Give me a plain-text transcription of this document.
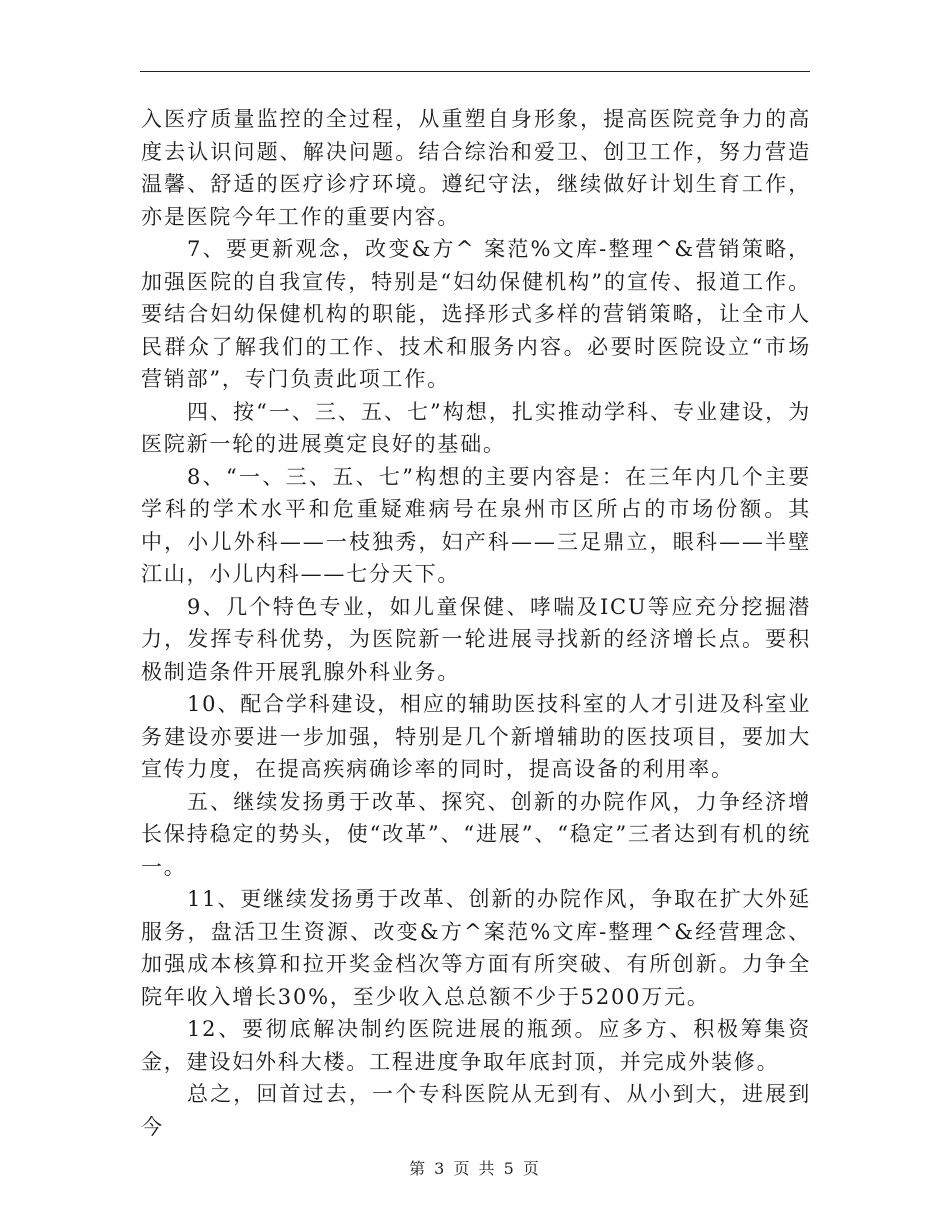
入医疗质量监控的全过程，从重塑自身形象，提高医院竞争力的高度去认识问题、解决问题。结合综治和爱卫、创卫工作，努力营造温馨、舒适的医疗诊疗环境。遵纪守法，继续做好计划生育工作，亦是医院今年工作的重要内容。

7、要更新观念，改变&方^ 案范%文库-整理^&营销策略，加强医院的自我宣传，特别是“妇幼保健机构”的宣传、报道工作。要结合妇幼保健机构的职能，选择形式多样的营销策略，让全市人民群众了解我们的工作、技术和服务内容。必要时医院设立“市场营销部”，专门负责此项工作。

四、按“一、三、五、七”构想，扎实推动学科、专业建设，为医院新一轮的进展奠定良好的基础。

8、“一、三、五、七”构想的主要内容是：在三年内几个主要学科的学术水平和危重疑难病号在泉州市区所占的市场份额。其中，小儿外科——一枝独秀，妇产科——三足鼎立，眼科——半壁江山，小儿内科——七分天下。

9、几个特色专业，如儿童保健、哮喘及ICU等应充分挖掘潜力，发挥专科优势，为医院新一轮进展寻找新的经济增长点。要积极制造条件开展乳腺外科业务。

10、配合学科建设，相应的辅助医技科室的人才引进及科室业务建设亦要进一步加强，特别是几个新增辅助的医技项目，要加大宣传力度，在提高疾病确诊率的同时，提高设备的利用率。

五、继续发扬勇于改革、探究、创新的办院作风，力争经济增长保持稳定的势头，使“改革”、“进展”、“稳定”三者达到有机的统一。

11、更继续发扬勇于改革、创新的办院作风，争取在扩大外延服务，盘活卫生资源、改变&方^案范%文库-整理^&经营理念、加强成本核算和拉开奖金档次等方面有所突破、有所创新。力争全院年收入增长30%，至少收入总总额不少于5200万元。

12、要彻底解决制约医院进展的瓶颈。应多方、积极筹集资金，建设妇外科大楼。工程进度争取年底封顶，并完成外装修。

总之，回首过去，一个专科医院从无到有、从小到大，进展到今

第 3 页 共 5 页
